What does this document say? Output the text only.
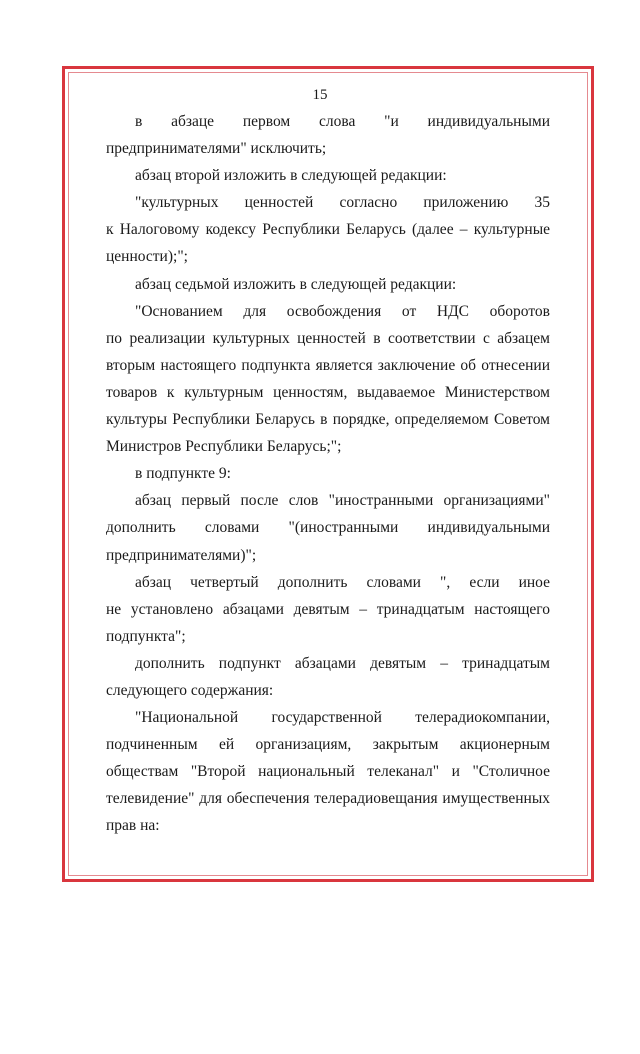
15
в абзаце первом слова "и индивидуальными
предпринимателями" исключить;
абзац второй изложить в следующей редакции:
"культурных ценностей согласно приложению 35
к Налоговому кодексу Республики Беларусь (далее – культурные
ценности);";
абзац седьмой изложить в следующей редакции:
"Основанием для освобождения от НДС оборотов
по реализации культурных ценностей в соответствии с абзацем
вторым настоящего подпункта является заключение об отнесении
товаров к культурным ценностям, выдаваемое Министерством
культуры Республики Беларусь в порядке, определяемом Советом
Министров Республики Беларусь;";
в подпункте 9:
абзац первый после слов "иностранными организациями"
дополнить словами "(иностранными индивидуальными
предпринимателями)";
абзац четвертый дополнить словами ", если иное
не установлено абзацами девятым – тринадцатым настоящего
подпункта";
дополнить подпункт абзацами девятым – тринадцатым
следующего содержания:
"Национальной государственной телерадиокомпании,
подчиненным ей организациям, закрытым акционерным
обществам "Второй национальный телеканал" и "Столичное
телевидение" для обеспечения телерадиовещания имущественных
прав на:
